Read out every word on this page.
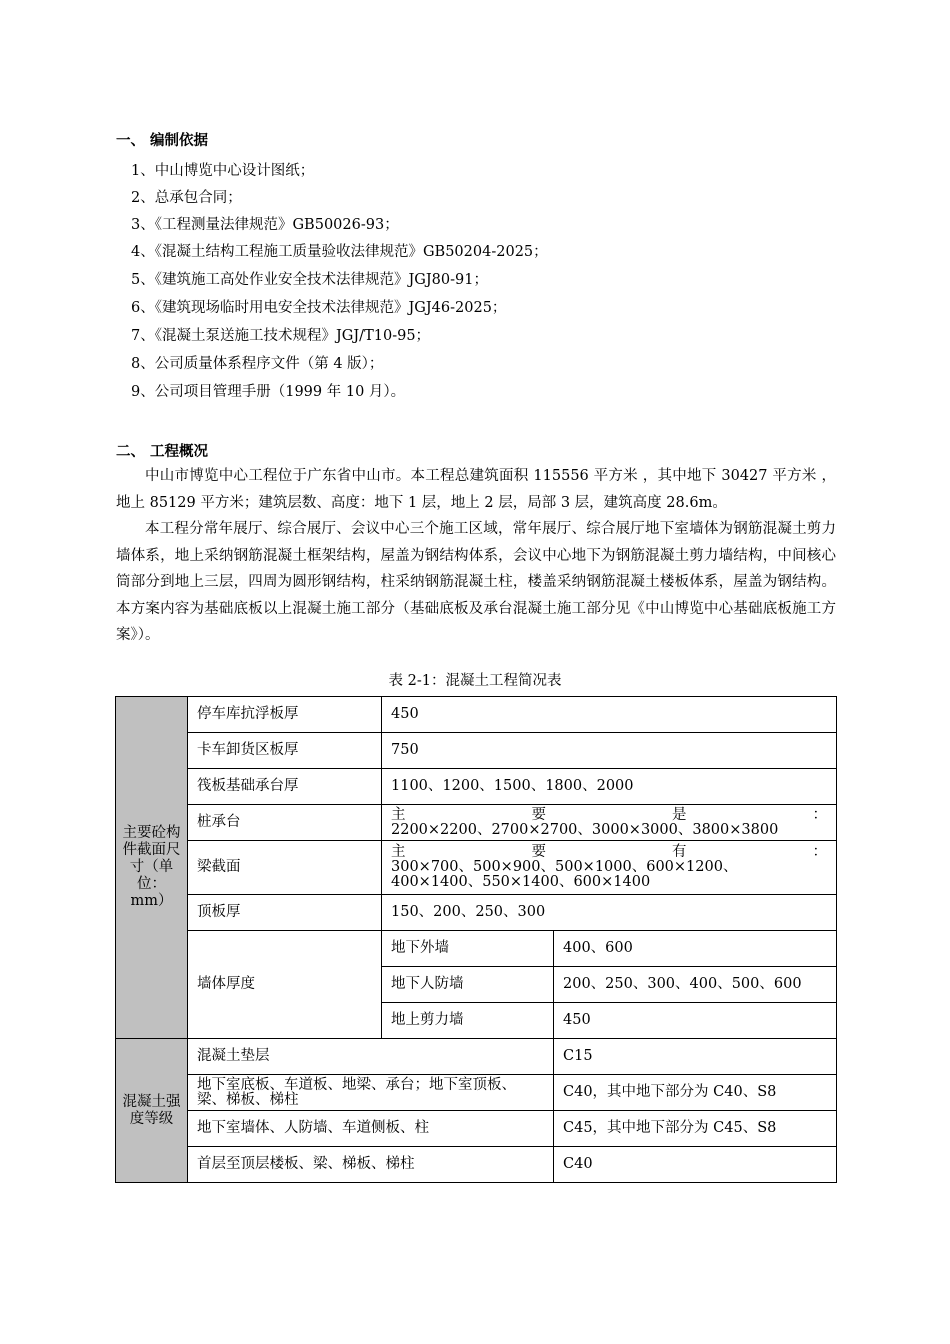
一、 编制依据
1、中山博览中心设计图纸；
2、总承包合同；
3、《工程测量法律规范》GB50026-93；
4、《混凝土结构工程施工质量验收法律规范》GB50204-2025；
5、《建筑施工高处作业安全技术法律规范》JGJ80-91；
6、《建筑现场临时用电安全技术法律规范》JGJ46-2025；
7、《混凝土泵送施工技术规程》JGJ/T10-95；
8、公司质量体系程序文件（第 4 版）；
9、公司项目管理手册（1999 年 10 月）。
二、 工程概况

中山市博览中心工程位于广东省中山市。本工程总建筑面积 115556 平方米 ，其中地下 30427 平方米 ，地上 85129 平方米；建筑层数、高度：地下 1 层，地上 2 层，局部 3 层，建筑高度 28.6m。

本工程分常年展厅、综合展厅、会议中心三个施工区域，常年展厅、综合展厅地下室墙体为钢筋混凝土剪力墙体系，地上采纳钢筋混凝土框架结构，屋盖为钢结构体系，会议中心地下为钢筋混凝土剪力墙结构，中间核心筒部分到地上三层，四周为圆形钢结构，柱采纳钢筋混凝土柱，楼盖采纳钢筋混凝土楼板体系，屋盖为钢结构。本方案内容为基础底板以上混凝土施工部分（基础底板及承台混凝土施工部分见《中山博览中心基础底板施工方案》）。

表 2-1：混凝土工程简况表
主要砼构件截面尺寸（单位：mm）	停车库抗浮板厚	450	
	卡车卸货区板厚	750	
	筏板基础承台厚	1100、1200、1500、1800、2000	
	桩承台	主 要 是 ：
2200×2200、2700×2700、3000×3000、3800×3800	

	梁截面	主 要 有 ：
300×700、500×900、500×1000、600×1200、400×1400、550×1400、600×1400	

	顶板厚	150、200、250、300	
	墙体厚度	地下外墙	400、600
		地下人防墙	200、250、300、400、500、600
		地上剪力墙	450
混凝土强度等级	混凝土垫层		C15
	地下室底板、车道板、地梁、承台；地下室顶板、梁、梯板、梯柱		C40，其中地下部分为 C40、S8
	地下室墙体、人防墙、车道侧板、柱		C45，其中地下部分为 C45、S8
	首层至顶层楼板、梁、梯板、梯柱		C40
